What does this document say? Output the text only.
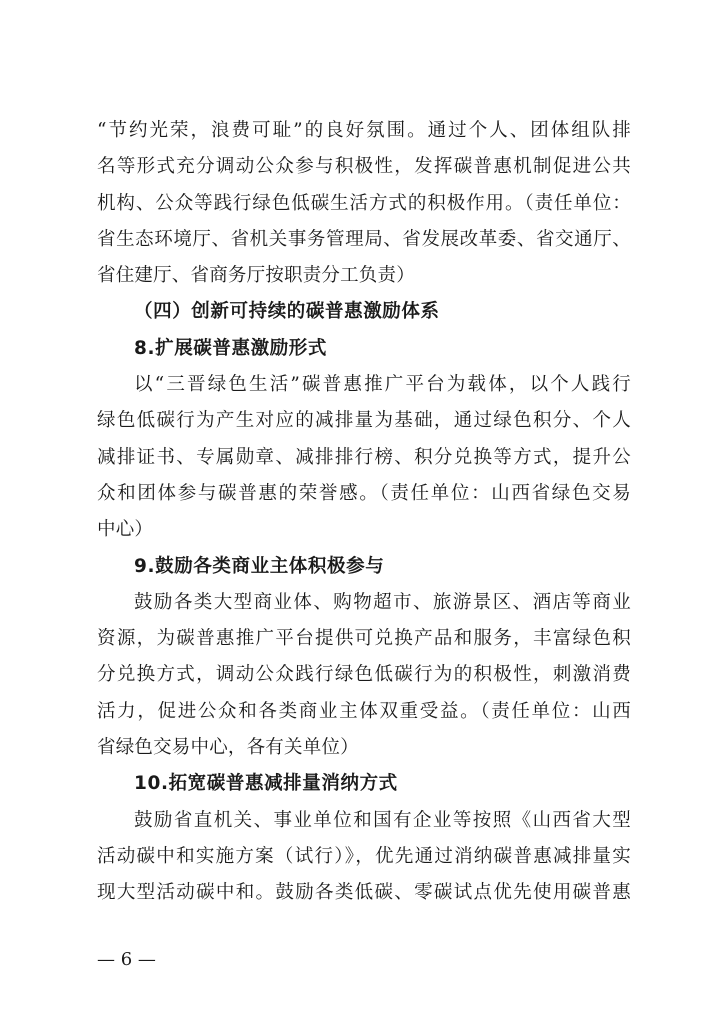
“节约光荣，浪费可耻”的良好氛围。通过个人、团体组队排
名等形式充分调动公众参与积极性，发挥碳普惠机制促进公共
机构、公众等践行绿色低碳生活方式的积极作用。（责任单位：
省生态环境厅、省机关事务管理局、省发展改革委、省交通厅、
省住建厅、省商务厅按职责分工负责）
（四）创新可持续的碳普惠激励体系
8.扩展碳普惠激励形式
以“三晋绿色生活”碳普惠推广平台为载体，以个人践行
绿色低碳行为产生对应的减排量为基础，通过绿色积分、个人
减排证书、专属勋章、减排排行榜、积分兑换等方式，提升公
众和团体参与碳普惠的荣誉感。（责任单位：山西省绿色交易
中心）
9.鼓励各类商业主体积极参与
鼓励各类大型商业体、购物超市、旅游景区、酒店等商业
资源，为碳普惠推广平台提供可兑换产品和服务，丰富绿色积
分兑换方式，调动公众践行绿色低碳行为的积极性，刺激消费
活力，促进公众和各类商业主体双重受益。（责任单位：山西
省绿色交易中心，各有关单位）
10.拓宽碳普惠减排量消纳方式
鼓励省直机关、事业单位和国有企业等按照《山西省大型
活动碳中和实施方案（试行）》，优先通过消纳碳普惠减排量实
现大型活动碳中和。鼓励各类低碳、零碳试点优先使用碳普惠
— 6 —
